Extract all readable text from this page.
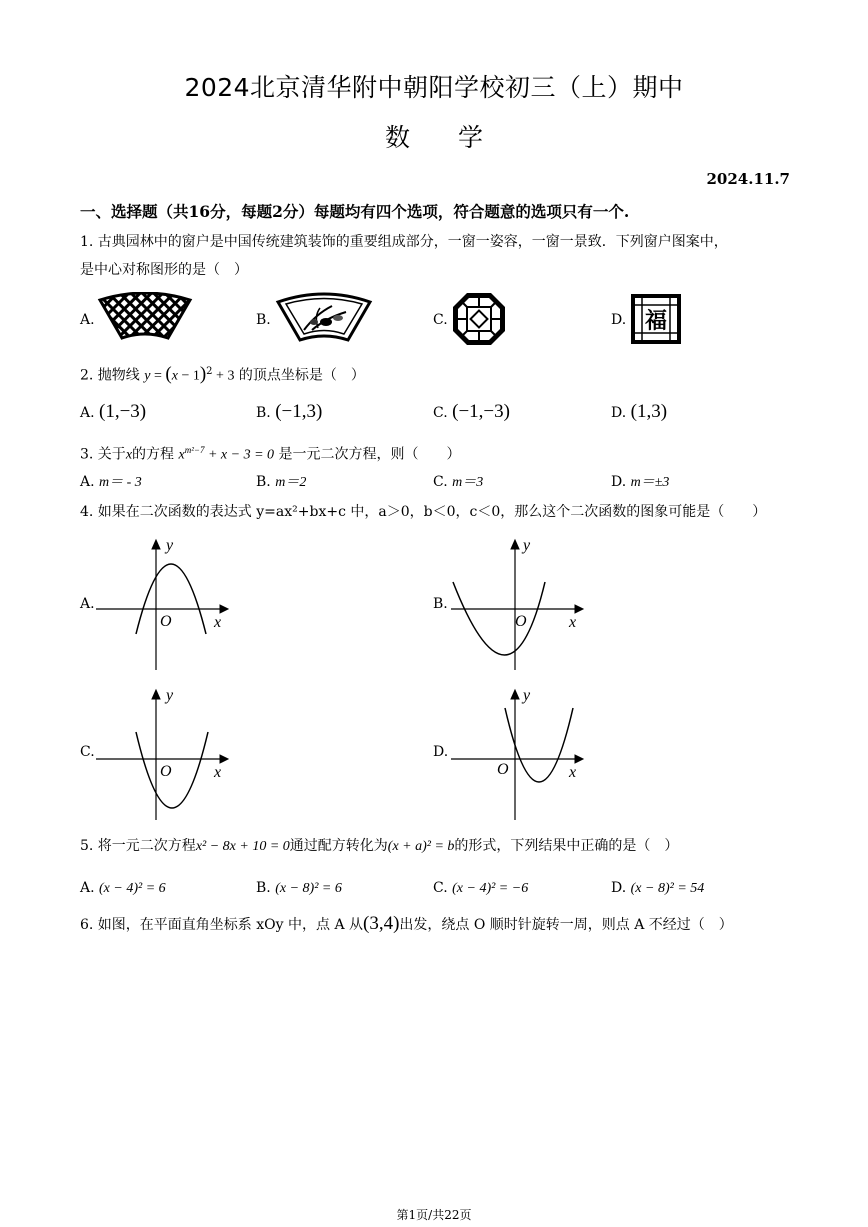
2024北京清华附中朝阳学校初三（上）期中
数 学
2024.11.7
一、选择题（共16分，每题2分）每题均有四个选项，符合题意的选项只有一个.
1. 古典园林中的窗户是中国传统建筑装饰的重要组成部分，一窗一姿容，一窗一景致．下列窗户图案中，
是中心对称图形的是（　）
A.	B.	C.	D. 福
2. 抛物线 $y = (x - 1)^2 + 3$ 的顶点坐标是（　）
A. (1,−3)	B. (−1,3)	C. (−1,−3)	D. (1,3)
3. 关于x的方程 $x^{m^2-7} + x - 3 = 0$ 是一元二次方程，则（　　）
A. m＝ - 3	B. m＝2	C. m＝3	D. m＝±3
4. 如果在二次函数的表达式 y=ax²+bx+c 中，a＞0，b＜0，c＜0，那么这个二次函数的图象可能是（　　）
A.
y
x
O
B.
y
x
O
C.
y
x
O
D.
y
x
O
5. 将一元二次方程x² − 8x + 10 = 0通过配方转化为(x + a)² = b的形式，下列结果中正确的是（　）
A. (x − 4)² = 6	B. (x − 8)² = 6	C. (x − 4)² = −6	D. (x − 8)² = 54
6. 如图，在平面直角坐标系 xOy 中，点 A 从(3,4)出发，绕点 O 顺时针旋转一周，则点 A 不经过（　）
第1页/共22页
